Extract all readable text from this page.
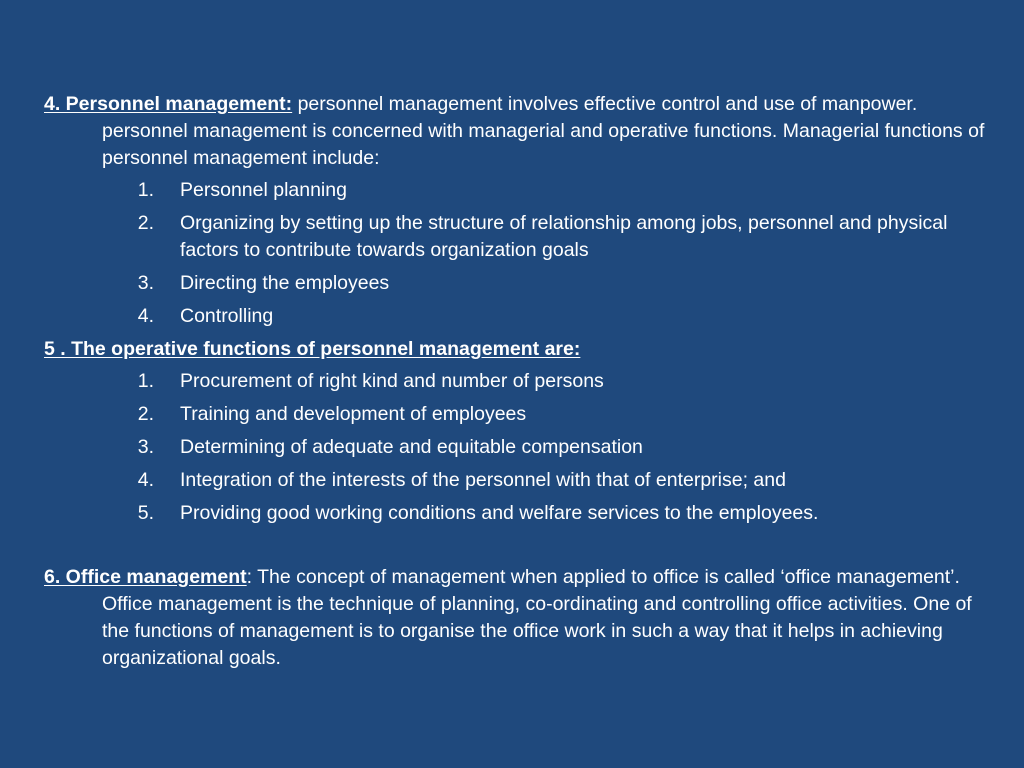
4. Personnel management: personnel management involves effective control and use of manpower. personnel management is concerned with managerial and operative functions. Managerial functions of personnel management include:

1.	Personnel planning
2.	Organizing by setting up the structure of relationship among jobs, personnel and physical factors to contribute towards organization goals
3.	Directing the employees
4.	Controlling

5 . The operative functions of personnel management are:

1.	Procurement of right kind and number of persons
2.	Training and development of employees
3.	Determining of adequate and equitable compensation
4.	Integration of the interests of the personnel with that of enterprise; and
5.	Providing good working conditions and welfare services to the employees.

6. Office management: The concept of management when applied to office is called ‘office management’. Office management is the technique of planning, co-ordinating and controlling office activities. One of the functions of management is to organise the office work in such a way that it helps in achieving organizational goals.
